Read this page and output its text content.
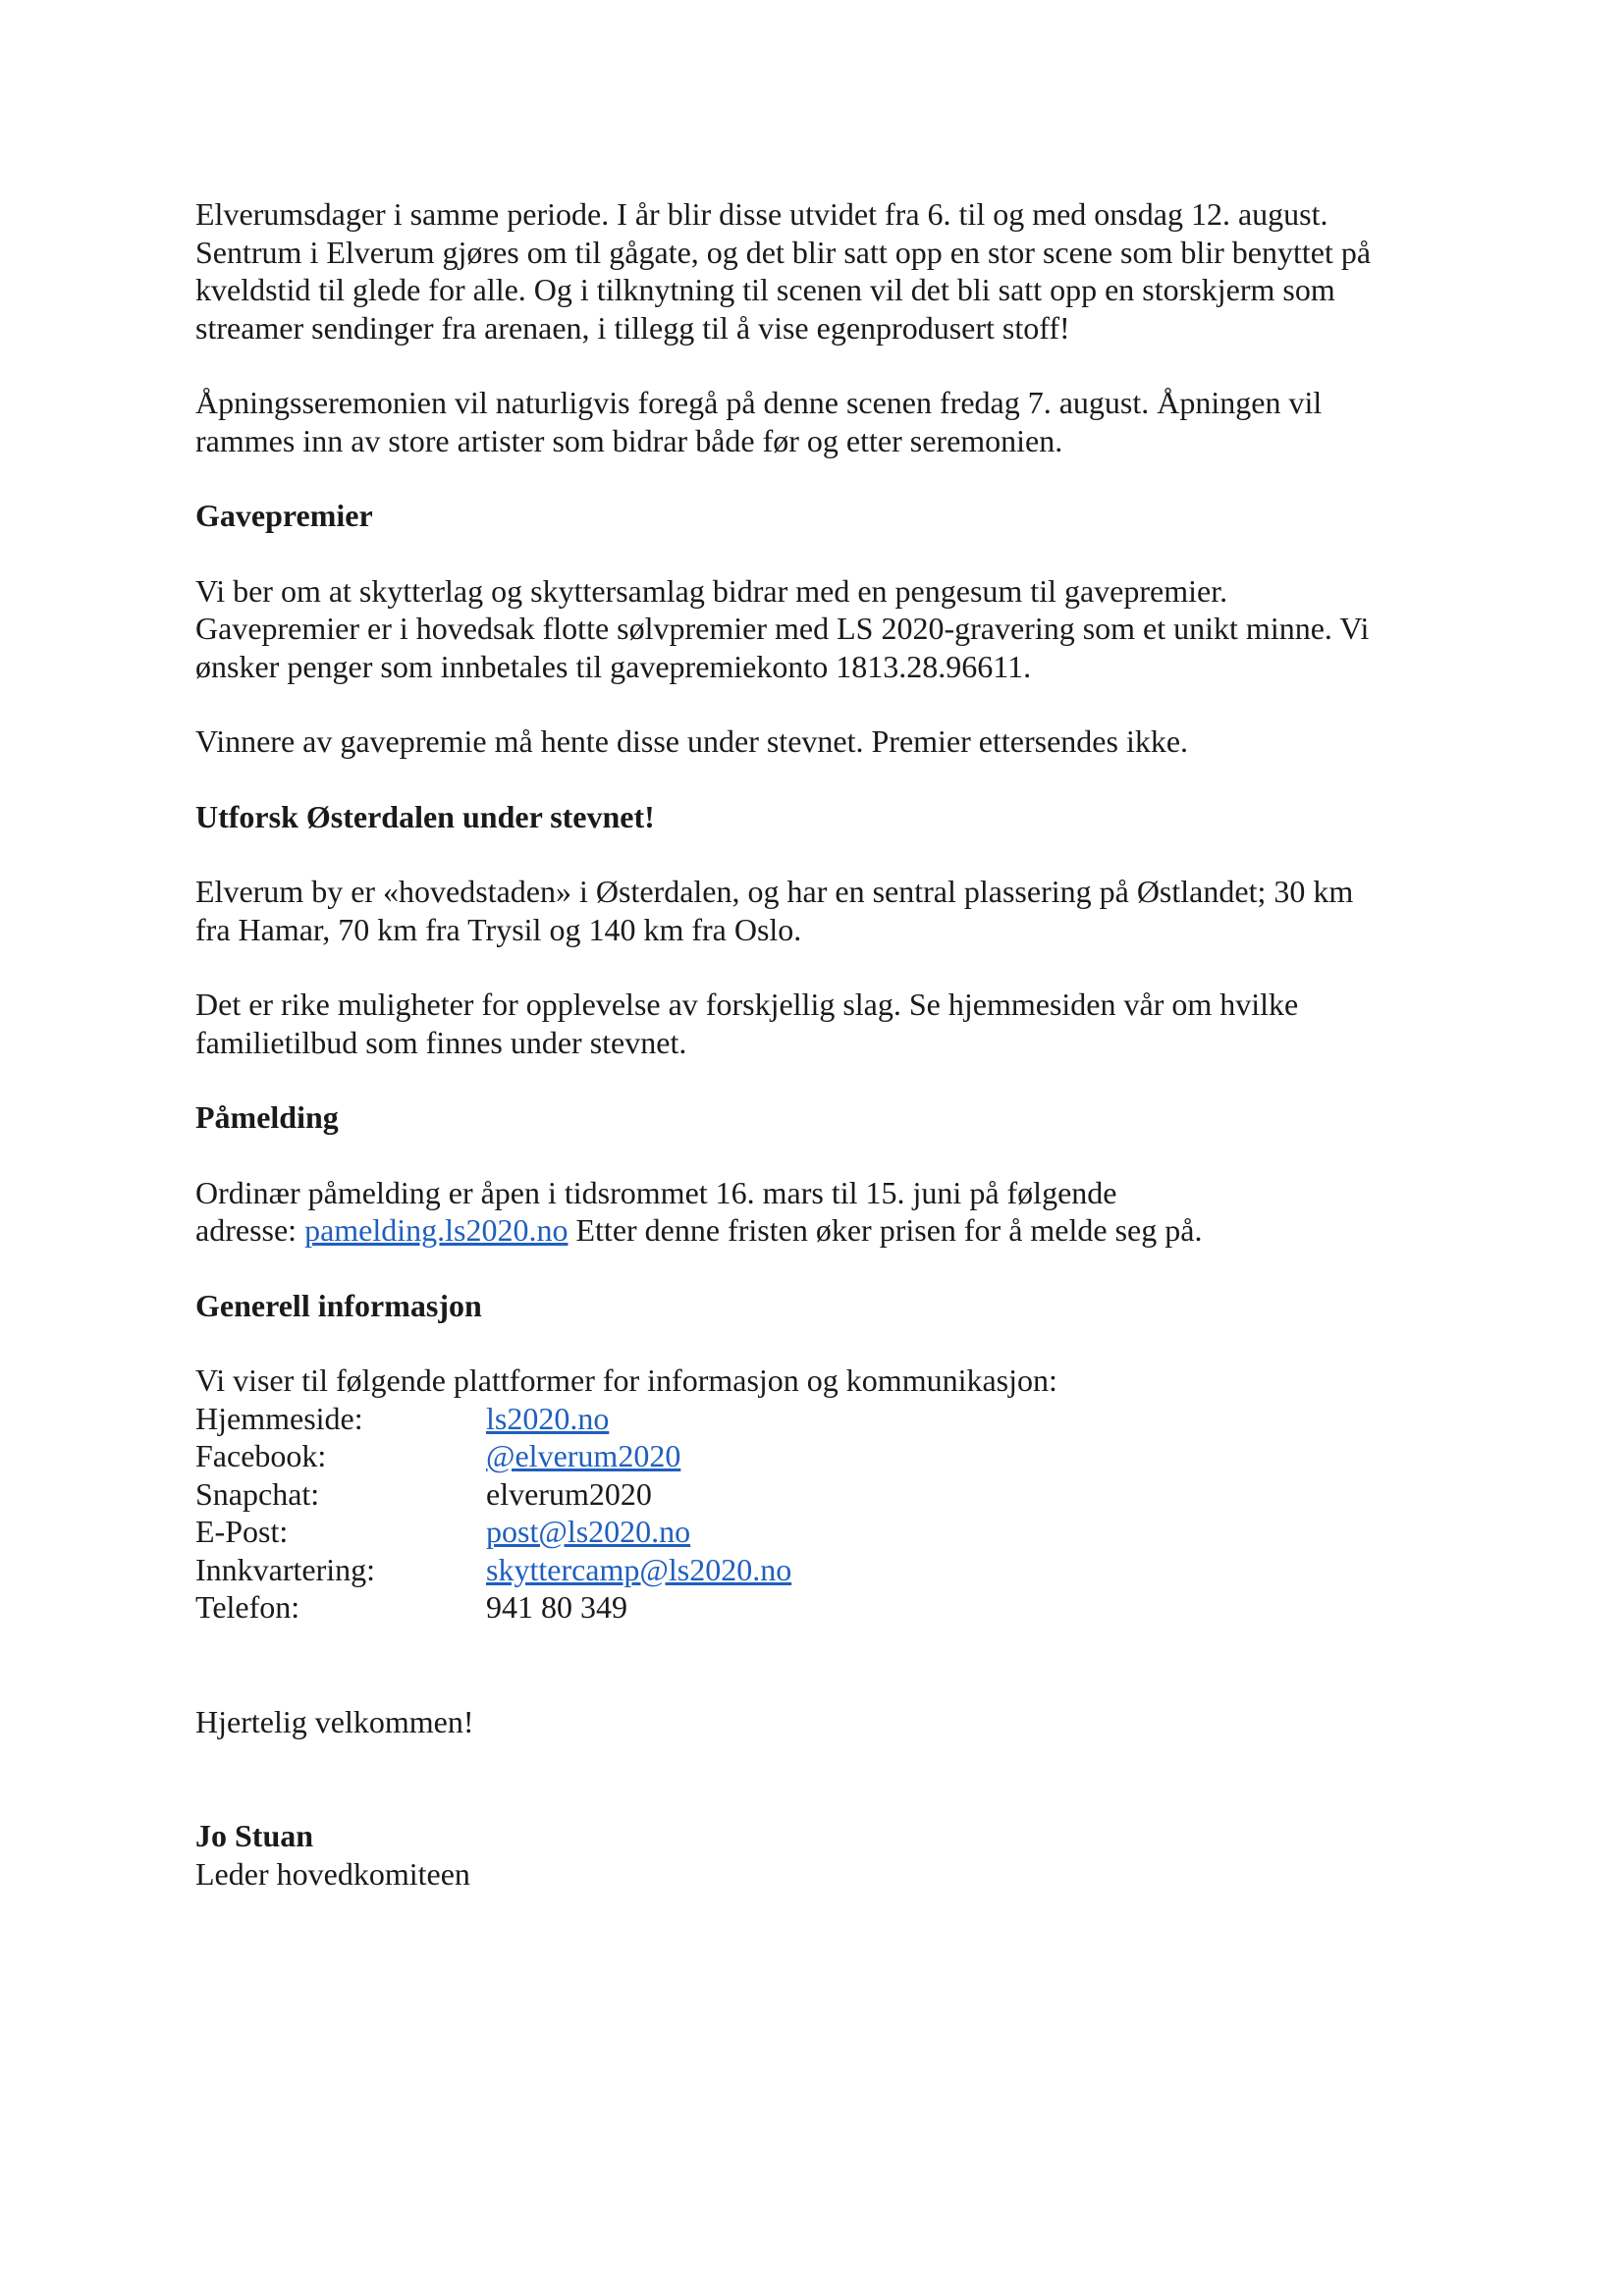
Elverumsdager i samme periode. I år blir disse utvidet fra 6. til og med onsdag 12. august.
Sentrum i Elverum gjøres om til gågate, og det blir satt opp en stor scene som blir benyttet på
kveldstid til glede for alle. Og i tilknytning til scenen vil det bli satt opp en storskjerm som
streamer sendinger fra arenaen, i tillegg til å vise egenprodusert stoff!
Åpningsseremonien vil naturligvis foregå på denne scenen fredag 7. august. Åpningen vil
rammes inn av store artister som bidrar både før og etter seremonien.
Gavepremier
Vi ber om at skytterlag og skyttersamlag bidrar med en pengesum til gavepremier.
Gavepremier er i hovedsak flotte sølvpremier med LS 2020-gravering som et unikt minne. Vi
ønsker penger som innbetales til gavepremiekonto 1813.28.96611.
Vinnere av gavepremie må hente disse under stevnet. Premier ettersendes ikke.
Utforsk Østerdalen under stevnet!
Elverum by er «hovedstaden» i Østerdalen, og har en sentral plassering på Østlandet; 30 km
fra Hamar, 70 km fra Trysil og 140 km fra Oslo.
Det er rike muligheter for opplevelse av forskjellig slag. Se hjemmesiden vår om hvilke
familietilbud som finnes under stevnet.
Påmelding
Ordinær påmelding er åpen i tidsrommet 16. mars til 15. juni på følgende
adresse: pamelding.ls2020.no Etter denne fristen øker prisen for å melde seg på.
Generell informasjon
Vi viser til følgende plattformer for informasjon og kommunikasjon:
Hjemmeside:	ls2020.no
Facebook:	@elverum2020
Snapchat:	elverum2020
E-Post:	post@ls2020.no
Innkvartering:	skyttercamp@ls2020.no
Telefon:	941 80 349
Hjertelig velkommen!
Jo Stuan
Leder hovedkomiteen
